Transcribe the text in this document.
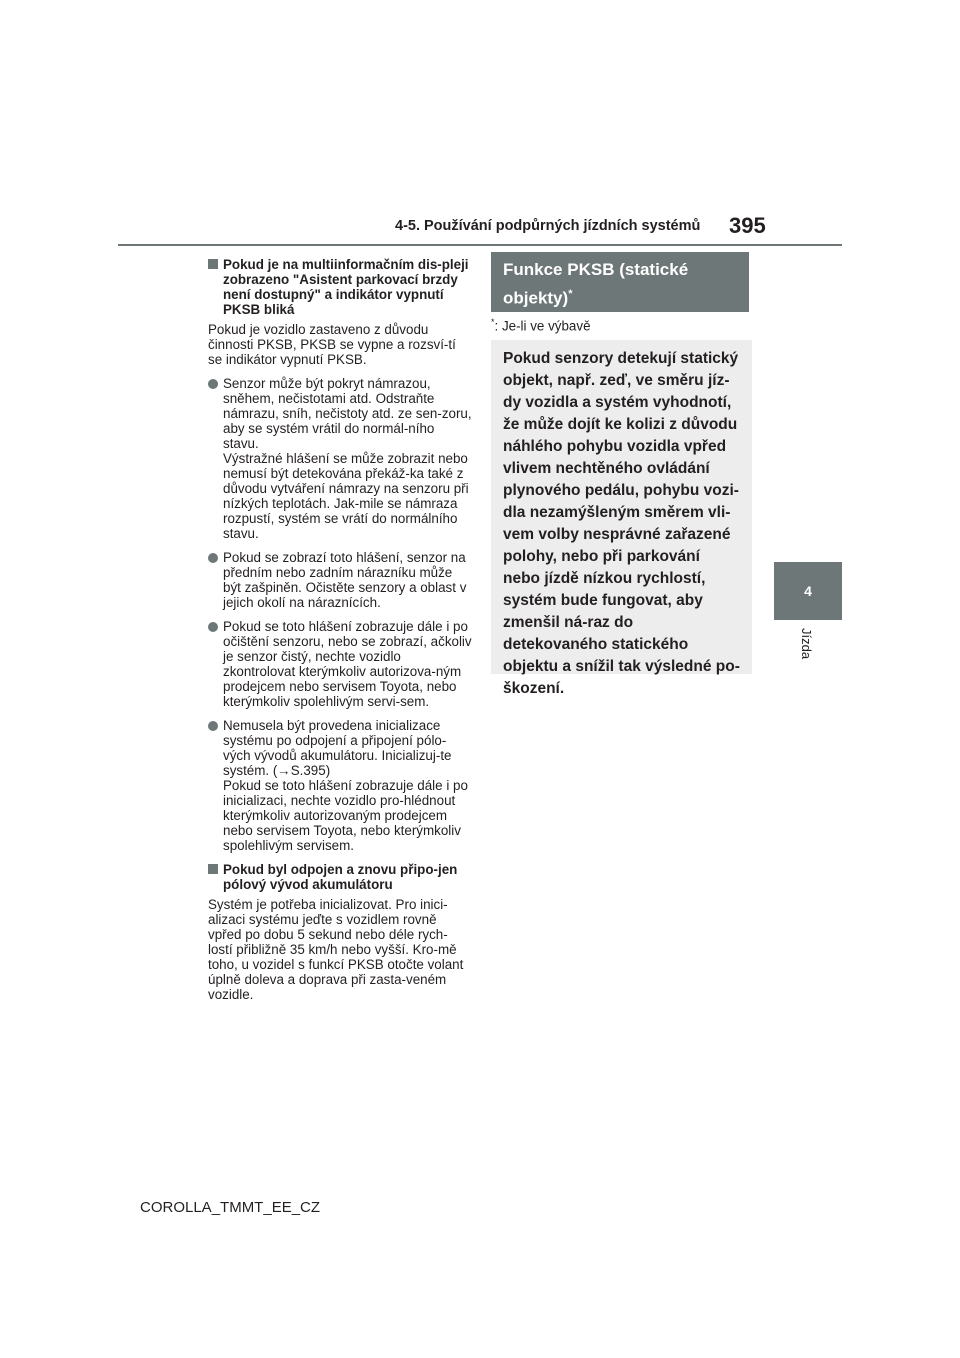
4-5. Používání podpůrných jízdních systémů 395
4
Jízda
Pokud je na multiinformačním dis-pleji zobrazeno "Asistent parkovací brzdy není dostupný" a indikátor vypnutí PKSB bliká

Pokud je vozidlo zastaveno z důvodu činnosti PKSB, PKSB se vypne a rozsví-tí se indikátor vypnutí PKSB.

Senzor může být pokryt námrazou, sněhem, nečistotami atd. Odstraňte námrazu, sníh, nečistoty atd. ze sen-zoru, aby se systém vrátil do normál-ního stavu.

Výstražné hlášení se může zobrazit nebo nemusí být detekována překáž-ka také z důvodu vytváření námrazy na senzoru při nízkých teplotách. Jak-mile se námraza rozpustí, systém se vrátí do normálního stavu.

Pokud se zobrazí toto hlášení, senzor na předním nebo zadním nárazníku může být zašpiněn. Očistěte senzory a oblast v jejich okolí na náraznících.

Pokud se toto hlášení zobrazuje dále i po očištění senzoru, nebo se zobrazí, ačkoliv je senzor čistý, nechte vozidlo zkontrolovat kterýmkoliv autorizova-ným prodejcem nebo servisem Toyota, nebo kterýmkoliv spolehlivým servi-sem.

Nemusela být provedena inicializace systému po odpojení a připojení pólo-vých vývodů akumulátoru. Inicializuj-te systém. (→S.395)

Pokud se toto hlášení zobrazuje dále i po inicializaci, nechte vozidlo pro-hlédnout kterýmkoliv autorizovaným prodejcem nebo servisem Toyota, nebo kterýmkoliv spolehlivým servisem.

Pokud byl odpojen a znovu připo-jen pólový vývod akumulátoru

Systém je potřeba inicializovat. Pro inici-alizaci systému jeďte s vozidlem rovně vpřed po dobu 5 sekund nebo déle rych-lostí přibližně 35 km/h nebo vyšší. Kro-mě toho, u vozidel s funkcí PKSB otočte volant úplně doleva a doprava při zasta-veném vozidle.

Funkce PKSB (statické objekty)*
*: Je-li ve výbavě
Pokud senzory detekují statický objekt, např. zeď, ve směru jíz-dy vozidla a systém vyhodnotí, že může dojít ke kolizi z důvodu náhlého pohybu vozidla vpřed vlivem nechtěného ovládání plynového pedálu, pohybu vozi-dla nezamýšleným směrem vli-vem volby nesprávné zařazené polohy, nebo při parkování nebo jízdě nízkou rychlostí, systém bude fungovat, aby zmenšil ná-raz do detekovaného statického objektu a snížil tak výsledné po-škození.
COROLLA_TMMT_EE_CZ
